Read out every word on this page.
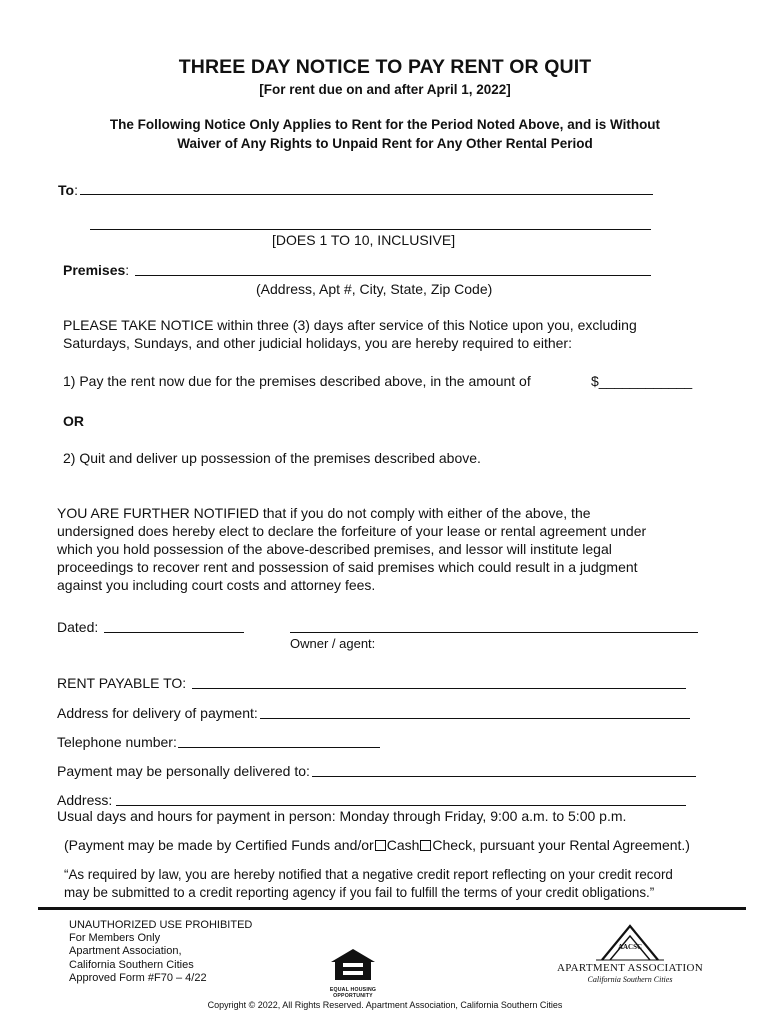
THREE DAY NOTICE TO PAY RENT OR QUIT
[For rent due on and after April 1, 2022]
The Following Notice Only Applies to Rent for the Period Noted Above, and is Without
Waiver of Any Rights to Unpaid Rent for Any Other Rental Period
To:
[DOES 1 TO 10, INCLUSIVE]
Premises:
(Address, Apt #, City, State, Zip Code)
PLEASE TAKE NOTICE within three (3) days after service of this Notice upon you, excluding
Saturdays, Sundays, and other judicial holidays, you are hereby required to either:
1) Pay the rent now due for the premises described above, in the amount of	$____________
OR
2) Quit and deliver up possession of the premises described above.
YOU ARE FURTHER NOTIFIED that if you do not comply with either of the above, the
undersigned does hereby elect to declare the forfeiture of your lease or rental agreement under
which you hold possession of the above-described premises, and lessor will institute legal
proceedings to recover rent and possession of said premises which could result in a judgment
against you including court costs and attorney fees.
Dated:
Owner / agent:
RENT PAYABLE TO:
Address for delivery of payment:
Telephone number:
Payment may be personally delivered to:
Address:
Usual days and hours for payment in person: Monday through Friday, 9:00 a.m. to 5:00 p.m.
(Payment may be made by Certified Funds and/or Cash Check, pursuant your Rental Agreement.)
“As required by law, you are hereby notified that a negative credit report reflecting on your credit record
may be submitted to a credit reporting agency if you fail to fulfill the terms of your credit obligations.”
UNAUTHORIZED USE PROHIBITED
For Members Only
Apartment Association,
California Southern Cities
Approved Form #F70 – 4/22
EQUAL HOUSING
OPPORTUNITY
AACSC
APARTMENT ASSOCIATION
California Southern Cities
Copyright © 2022, All Rights Reserved. Apartment Association, California Southern Cities
